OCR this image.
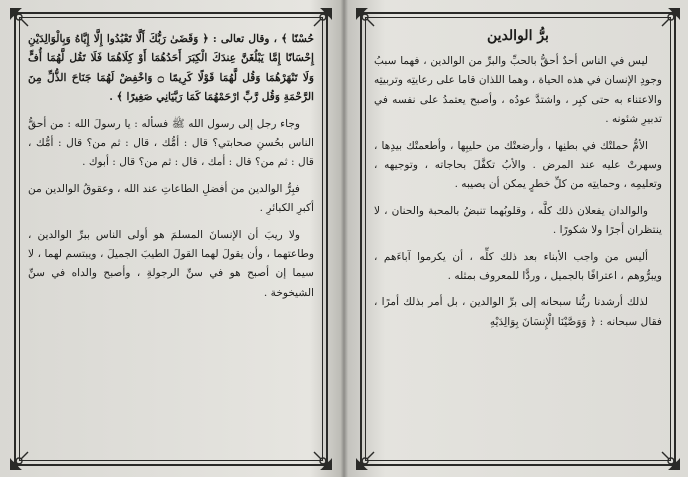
حُسْنًا ﴾ ، وقال تعالى : ﴿ وَقَضَىٰ رَبُّكَ أَلَّا تَعْبُدُوا إِلَّا إِيَّاهُ وَبِالْوَالِدَيْنِ إِحْسَانًا إِمَّا يَبْلُغَنَّ عِندَكَ الْكِبَرَ أَحَدُهُمَا أَوْ كِلَاهُمَا فَلَا تَقُل لَّهُمَا أُفٍّ وَلَا تَنْهَرْهُمَا وَقُل لَّهُمَا قَوْلًا كَرِيمًا ۝ وَاخْفِضْ لَهُمَا جَنَاحَ الذُّلِّ مِنَ الرَّحْمَةِ وَقُل رَّبِّ ارْحَمْهُمَا كَمَا رَبَّيَانِي صَغِيرًا ﴾ .

وجاء رجل إلى رسول الله ﷺ فسأله : يا رسولَ الله : من أحقُّ الناس بحُسنِ صحابتي؟ قال : أمُّك ، قال : ثم من؟ قال : أمُّك ، قال : ثم من؟ قال : أمك ، قال : ثم من؟ قال : أبوك .

فبِرُّ الوالدين من أفضلِ الطاعاتِ عند الله ، وعقوقُ الوالدين من أكبرِ الكبائرِ .

ولا ريبَ أن الإنسانَ المسلمَ هو أولى الناس ببرِّ الوالدين ، وطاعتهما ، وأن يقولَ لهما القولَ الطيبَ الجميلَ ، ويبتسم لهما ، لا سيما إن أصبح هو في سنِّ الرجولةِ ، وأصبح والداه في سنِّ الشيخوخة .

برُّ الوالدين

ليس في الناس أحدٌ أحقُّ بالحبِّ والبرِّ من الوالدين ، فهما سببُ وجودِ الإنسان في هذه الحياة ، وهما اللذان قاما على رعايتِه وتربيتِه والاعتناء به حتى كبِر ، واشتدَّ عودُه ، وأصبح يعتمدُ على نفسه في تدبيرِ شئونه .

الأمُّ حملتْك في بطنِها ، وأرضعتْك من حليبِها ، وأطعمتْك بيدِها ، وسهرتْ عليه عند المرض . والأبُ تكفَّلَ بحاجاته ، وتوجيهه ، وتعليمِه ، وحمايتِه من كلِّ خطرٍ يمكن أن يصيبه .

والوالدان يفعلان ذلك كلَّه ، وقلوبُهما تنبضُ بالمحبة والحنان ، لا ينتظران أجرًا ولا شكورًا .

أليس من واجب الأبناء بعد ذلك كلِّه ، أن يكرموا آباءَهم ، ويبرُّوهم ، اعترافًا بالجميل ، وردًّا للمعروف بمثله .

لذلك أرشدنا ربُّنا سبحانه إلى برِّ الوالدين ، بل أمر بذلك أمرًا ، فقال سبحانه : ﴿ وَوَصَّيْنَا الْإِنسَانَ بِوَالِدَيْهِ
